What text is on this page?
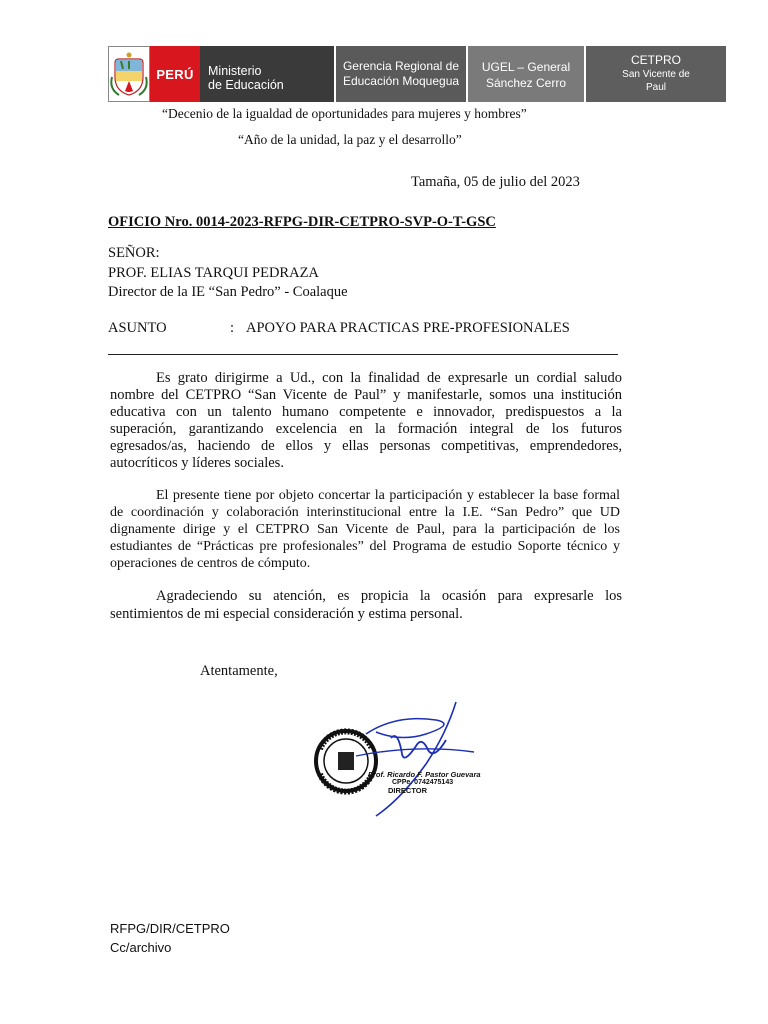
PERÚ	Ministerio
de Educación
Gerencia Regional de
Educación Moquegua
UGEL – General
Sánchez Cerro
CETPRO
San Vicente de
Paul
“Decenio de la igualdad de oportunidades para mujeres y hombres”
“Año de la unidad, la paz y el desarrollo”
Tamaña, 05 de julio del 2023
OFICIO Nro. 0014-2023-RFPG-DIR-CETPRO-SVP-O-T-GSC
SEÑOR:
PROF. ELIAS TARQUI PEDRAZA
Director de la IE “San Pedro” - Coalaque
ASUNTO	: APOYO PARA PRACTICAS PRE-PROFESIONALES
Es grato dirigirme a Ud., con la finalidad de expresarle un cordial saludo nombre del CETPRO “San Vicente de Paul” y manifestarle, somos una institución educativa con un talento humano competente e innovador, predispuestos a la superación, garantizando excelencia en la formación integral de los futuros egresados/as, haciendo de ellos y ellas personas competitivas, emprendedores, autocríticos y líderes sociales.
El presente tiene por objeto concertar la participación y establecer la base formal de coordinación y colaboración interinstitucional entre la I.E. “San Pedro” que UD dignamente dirige y el CETPRO San Vicente de Paul, para la participación de los estudiantes de “Prácticas pre profesionales” del Programa de estudio Soporte técnico y operaciones de centros de cómputo.
Agradeciendo su atención, es propicia la ocasión para expresarle los sentimientos de mi especial consideración y estima personal.
Atentamente,
Prof. Ricardo F. Pastor Guevara
CPPe. 0742475143
DIRECTOR
RFPG/DIR/CETPRO
Cc/archivo
